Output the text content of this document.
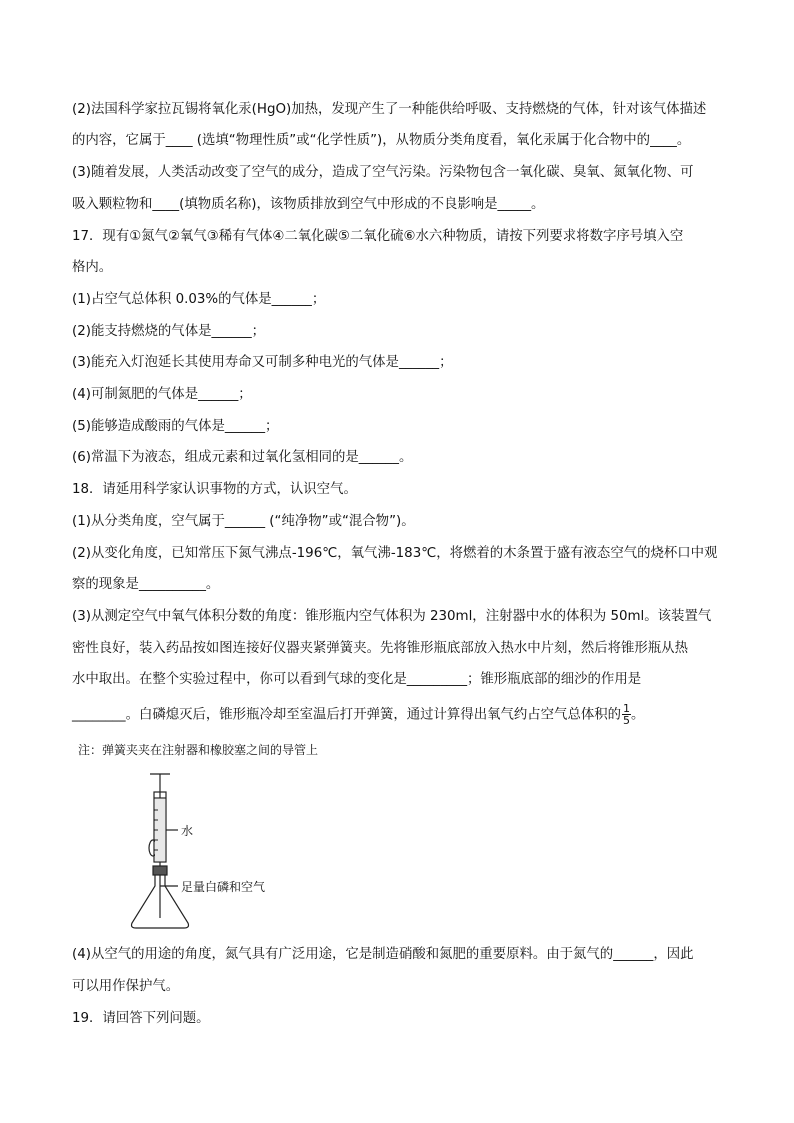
(2)法国科学家拉瓦锡将氧化汞(HgO)加热，发现产生了一种能供给呼吸、支持燃烧的气体，针对该气体描述
的内容，它属于____ (选填“物理性质”或“化学性质”)，从物质分类角度看，氧化汞属于化合物中的____。
(3)随着发展，人类活动改变了空气的成分，造成了空气污染。污染物包含一氧化碳、臭氧、氮氧化物、可
吸入颗粒物和____(填物质名称)，该物质排放到空气中形成的不良影响是_____。
17．现有①氮气②氧气③稀有气体④二氧化碳⑤二氧化硫⑥水六种物质，请按下列要求将数字序号填入空
格内。
(1)占空气总体积 0.03%的气体是______；
(2)能支持燃烧的气体是______；
(3)能充入灯泡延长其使用寿命又可制多种电光的气体是______；
(4)可制氮肥的气体是______；
(5)能够造成酸雨的气体是______；
(6)常温下为液态，组成元素和过氧化氢相同的是______。
18．请延用科学家认识事物的方式，认识空气。
(1)从分类角度，空气属于______ (“纯净物”或“混合物”)。
(2)从变化角度，已知常压下氮气沸点-196℃，氧气沸-183℃，将燃着的木条置于盛有液态空气的烧杯口中观
察的现象是__________。
(3)从测定空气中氧气体积分数的角度：锥形瓶内空气体积为 230ml，注射器中水的体积为 50ml。该装置气
密性良好，装入药品按如图连接好仪器夹紧弹簧夹。先将锥形瓶底部放入热水中片刻，然后将锥形瓶从热
水中取出。在整个实验过程中，你可以看到气球的变化是_________；锥形瓶底部的细沙的作用是
________。白磷熄灭后，锥形瓶冷却至室温后打开弹簧，通过计算得出氧气约占空气总体积的 $\frac{1}{5}$ 。
注：弹簧夹夹在注射器和橡胶塞之间的导管上
水
足量白磷和空气
(4)从空气的用途的角度，氮气具有广泛用途，它是制造硝酸和氮肥的重要原料。由于氮气的______，因此
可以用作保护气。
19．请回答下列问题。
